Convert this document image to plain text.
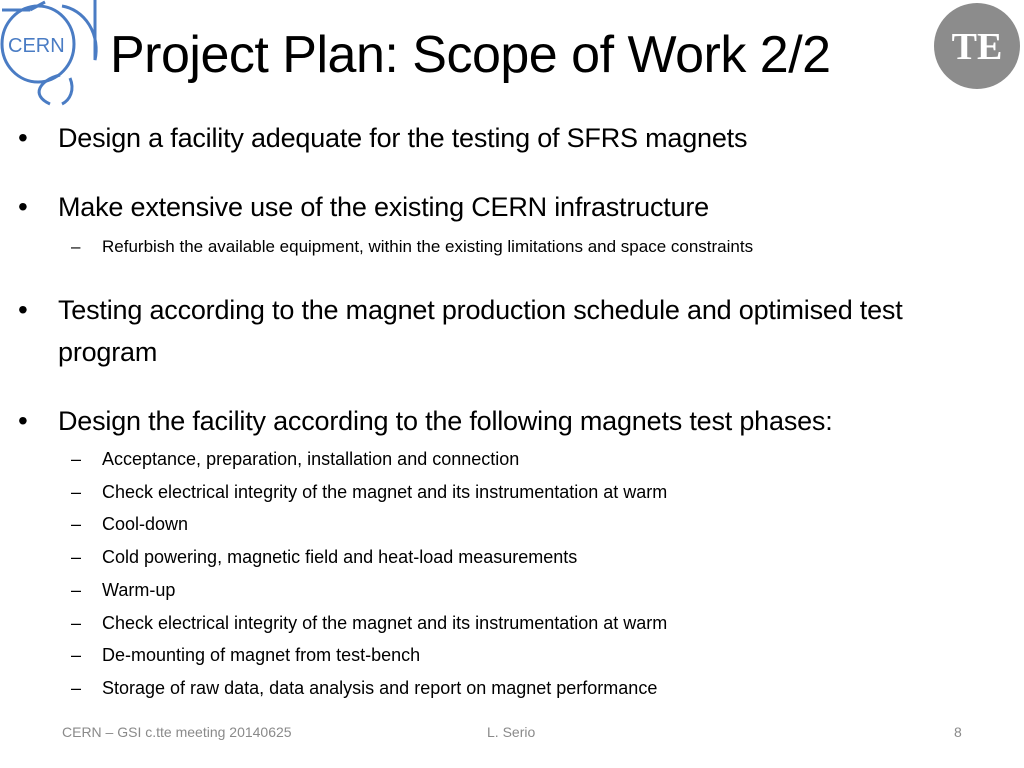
CERN	TE
Project Plan: Scope of Work 2/2
• Design a facility adequate for the testing of SFRS magnets
• Make extensive use of the existing CERN infrastructure
– Refurbish the available equipment, within the existing limitations and space constraints
• Testing according to the magnet production schedule and optimised test program
• Design the facility according to the following magnets test phases:
– Acceptance, preparation, installation and connection
– Check electrical integrity of the magnet and its instrumentation at warm
– Cool-down
– Cold powering, magnetic field and heat-load measurements
– Warm-up
– Check electrical integrity of the magnet and its instrumentation at warm
– De-mounting of magnet from test-bench
– Storage of raw data, data analysis and report on magnet performance
CERN – GSI c.tte meeting 20140625	L. Serio	8
